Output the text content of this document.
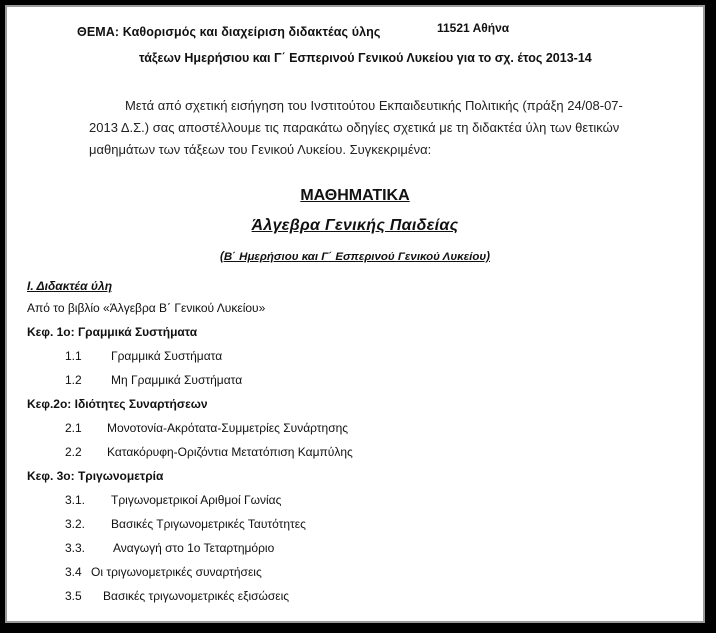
ΘΕΜΑ: Καθορισμός και διαχείριση διδακτέας ύλης	11521 Αθήνα
τάξεων Ημερήσιου και Γ΄ Εσπερινού Γενικού Λυκείου για το σχ. έτος 2013-14
Μετά από σχετική εισήγηση του Ινστιτούτου Εκπαιδευτικής Πολιτικής (πράξη 24/08-07-
2013 Δ.Σ.) σας αποστέλλουμε τις παρακάτω οδηγίες σχετικά με τη διδακτέα ύλη των θετικών
μαθημάτων των τάξεων του Γενικού Λυκείου. Συγκεκριμένα:
ΜΑΘΗΜΑΤΙΚΑ
Άλγεβρα Γενικής Παιδείας
(Β΄ Ημερήσιου και Γ΄ Εσπερινού Γενικού Λυκείου)
Ι. Διδακτέα ύλη
Από το βιβλίο «Άλγεβρα Β΄ Γενικού Λυκείου»
Κεφ. 1ο: Γραμμικά Συστήματα
1.1 Γραμμικά Συστήματα
1.2 Μη Γραμμικά Συστήματα
Κεφ.2ο: Ιδιότητες Συναρτήσεων
2.1 Μονοτονία-Ακρότατα-Συμμετρίες Συνάρτησης
2.2 Κατακόρυφη-Οριζόντια Μετατόπιση Καμπύλης
Κεφ. 3ο: Τριγωνομετρία
3.1. Τριγωνομετρικοί Αριθμοί Γωνίας
3.2. Βασικές Τριγωνομετρικές Ταυτότητες
3.3. Αναγωγή στο 1ο Τεταρτημόριο
3.4 Οι τριγωνομετρικές συναρτήσεις
3.5 Βασικές τριγωνομετρικές εξισώσεις
